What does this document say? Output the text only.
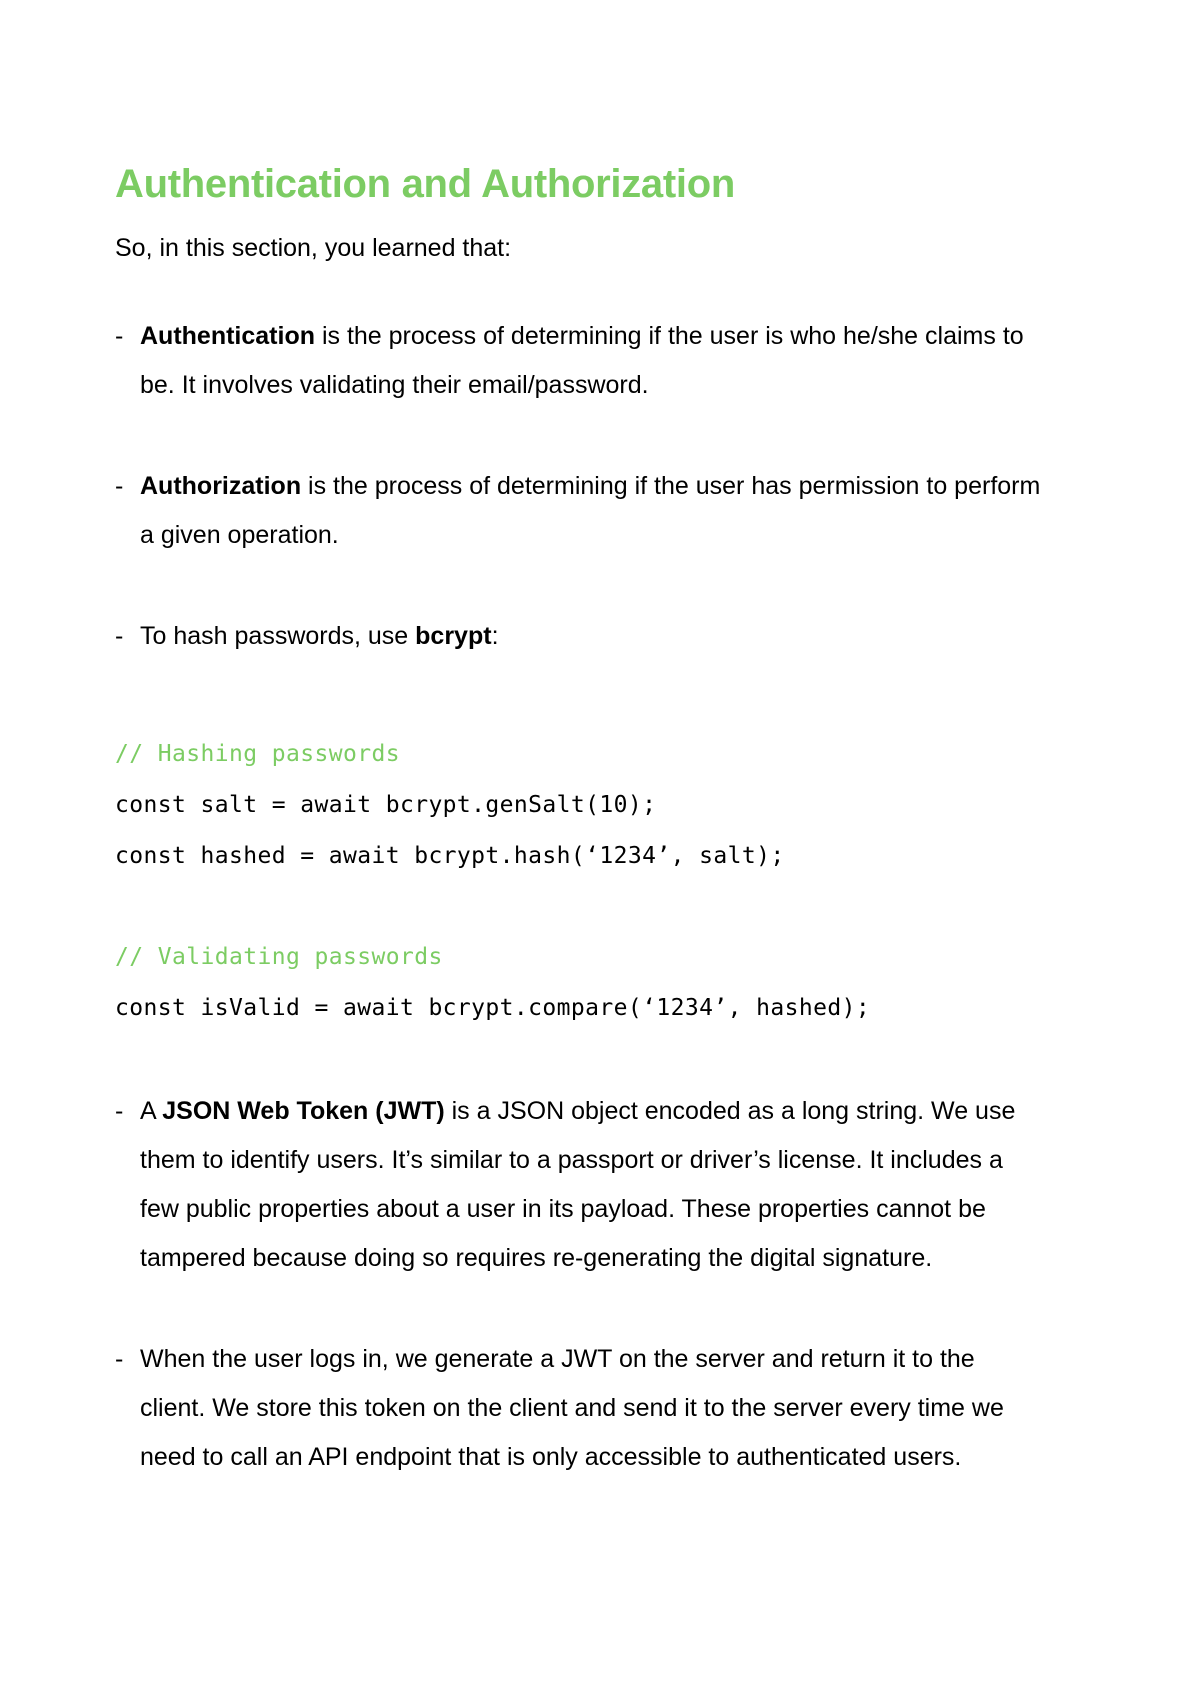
Authentication and Authorization
So, in this section, you learned that:
- Authentication is the process of determining if the user is who he/she claims to
be. It involves validating their email/password.
- Authorization is the process of determining if the user has permission to perform
a given operation.
- To hash passwords, use bcrypt:
// Hashing passwords
const salt = await bcrypt.genSalt(10);
const hashed = await bcrypt.hash(‘1234’, salt);
// Validating passwords
const isValid = await bcrypt.compare(‘1234’, hashed);
- A JSON Web Token (JWT) is a JSON object encoded as a long string. We use
them to identify users. It’s similar to a passport or driver’s license. It includes a
few public properties about a user in its payload. These properties cannot be
tampered because doing so requires re-generating the digital signature.
- When the user logs in, we generate a JWT on the server and return it to the
client. We store this token on the client and send it to the server every time we
need to call an API endpoint that is only accessible to authenticated users.
